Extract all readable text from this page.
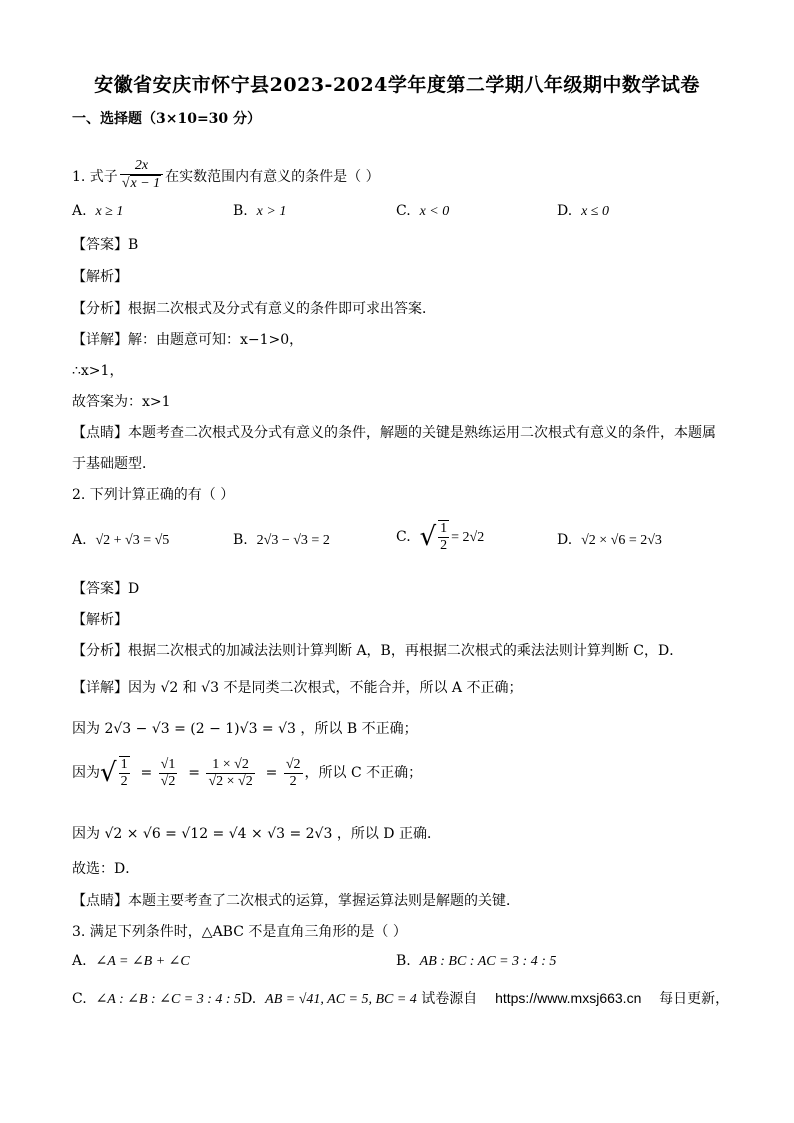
安徽省安庆市怀宁县2023-2024学年度第二学期八年级期中数学试卷
一、选择题（3×10=30 分）
1. 式子 $\frac{2x}{√x - 1}$ 在实数范围内有意义的条件是（ ）
A. x ≥ 1	B. x > 1	C. x < 0	D. x ≤ 0
【答案】B
【解析】
【分析】根据二次根式及分式有意义的条件即可求出答案．
【详解】解：由题意可知：x−1>0，
∴x>1，
故答案为：x>1
【点睛】本题考查二次根式及分式有意义的条件，解题的关键是熟练运用二次根式有意义的条件，本题属
于基础题型．
2. 下列计算正确的有（ ）
A. √2 + √3 = √5	B. 2√3 − √3 = 2	C. √ $\frac{1}{2} = 2√2$	D. √2 × √6 = 2√3
【答案】D
【解析】
【分析】根据二次根式的加减法法则计算判断 A，B，再根据二次根式的乘法法则计算判断 C，D．
【详解】因为 √2 和 √3 不是同类二次根式，不能合并，所以 A 不正确；
因为 2√3 − √3 = (2 − 1)√3 = √3 ，所以 B 不正确；
因为√ $\frac{1}{2} = \frac{√1}{√2} = \frac{1 \times √2}{√2 \times √2} = \frac{√2}{2}$ ，所以 C 不正确；
因为 √2 × √6 = √12 = √4 × √3 = 2√3 ，所以 D 正确．
故选：D．
【点睛】本题主要考查了二次根式的运算，掌握运算法则是解题的关键．
3. 满足下列条件时，△ABC 不是直角三角形的是（ ）
A. ∠A = ∠B + ∠C	B. AB : BC : AC = 3 : 4 : 5
C. ∠A : ∠B : ∠C = 3 : 4 : 5D. AB = √41, AC = 5, BC = 4 试卷源自 https://www.mxsj663.cn 每日更新，
